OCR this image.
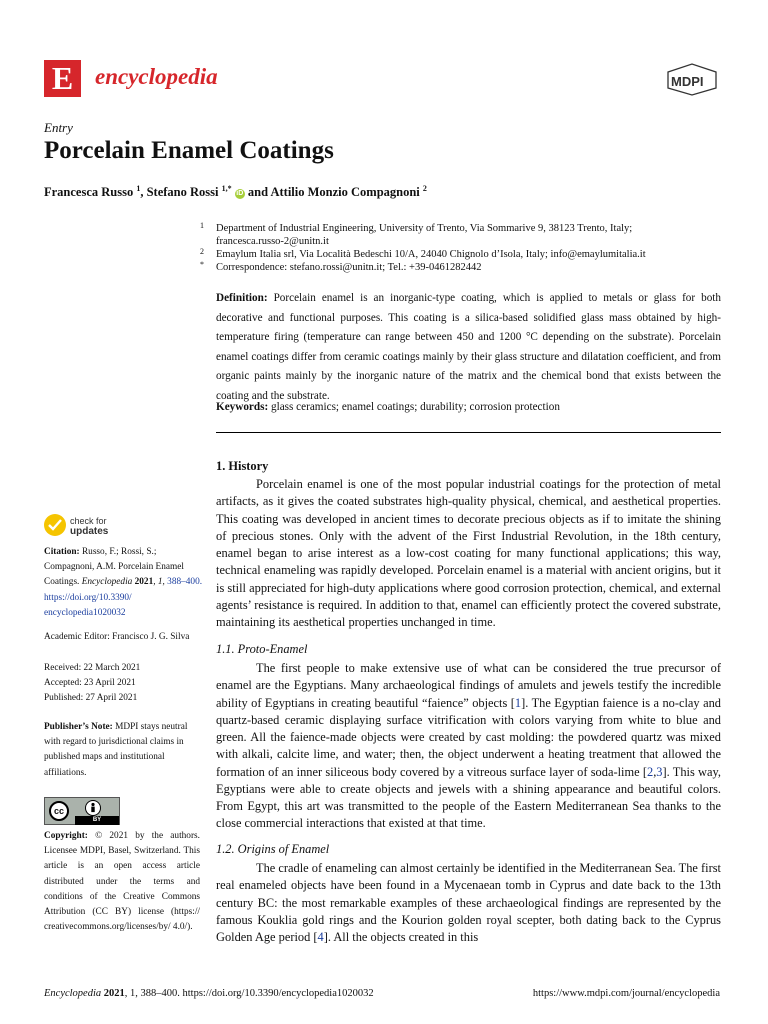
E encyclopedia	MDPI
Entry
Porcelain Enamel Coatings
Francesca Russo $^1$, Stefano Rossi $^{1,*}$ iD and Attilio Monzio Compagnoni $^2$
1 Department of Industrial Engineering, University of Trento, Via Sommarive 9, 38123 Trento, Italy;
francesca.russo-2@unitn.it
2 Emaylum Italia srl, Via Località Bedeschi 10/A, 24040 Chignolo d’Isola, Italy; info@emaylumitalia.it
* Correspondence: stefano.rossi@unitn.it; Tel.: +39-0461282442
Definition: Porcelain enamel is an inorganic-type coating, which is applied to metals or glass for both decorative and functional purposes. This coating is a silica-based solidified glass mass obtained by high-temperature firing (temperature can range between 450 and 1200 °C depending on the substrate). Porcelain enamel coatings differ from ceramic coatings mainly by their glass structure and dilatation coefficient, and from organic paints mainly by the inorganic nature of the matrix and the chemical bond that exists between the coating and the substrate.
Keywords: glass ceramics; enamel coatings; durability; corrosion protection
1. History
Porcelain enamel is one of the most popular industrial coatings for the protection of metal artifacts, as it gives the coated substrates high-quality physical, chemical, and aesthetical properties. This coating was developed in ancient times to decorate precious objects as if to imitate the shining of precious stones. Only with the advent of the First Industrial Revolution, in the 18th century, enamel began to arise interest as a low-cost coating for many functional applications; this way, technical enameling was rapidly developed. Porcelain enamel is a material with ancient origins, but it is still appreciated for high-duty applications where good corrosion protection, chemical, and external agents’ resistance is required. In addition to that, enamel can efficiently protect the covered substrate, maintaining its aesthetical properties unchanged in time.
1.1. Proto-Enamel
The first people to make extensive use of what can be considered the true precursor of enamel are the Egyptians. Many archaeological findings of amulets and jewels testify the incredible ability of Egyptians in creating beautiful “faience” objects [1]. The Egyptian faience is a no-clay and quartz-based ceramic displaying surface vitrification with colors varying from white to blue and green. All the faience-made objects were created by cast molding: the powdered quartz was mixed with alkali, calcite lime, and water; then, the object underwent a heating treatment that allowed the formation of an inner siliceous body covered by a vitreous surface layer of soda-lime [2,3]. This way, Egyptians were able to create objects and jewels with a shining appearance and beautiful colors. From Egypt, this art was transmitted to the people of the Eastern Mediterranean Sea thanks to the close commercial interactions that existed at that time.
1.2. Origins of Enamel
The cradle of enameling can almost certainly be identified in the Mediterranean Sea. The first real enameled objects have been found in a Mycenaean tomb in Cyprus and date back to the 13th century BC: the most remarkable examples of these archaeological findings are represented by the famous Kouklia gold rings and the Kourion golden royal scepter, both dating back to the Cyprus Golden Age period [4]. All the objects created in this
check for
updates
Citation: Russo, F.; Rossi, S.; Compagnoni, A.M. Porcelain Enamel Coatings. Encyclopedia 2021, 1, 388–400. https://doi.org/10.3390/ encyclopedia1020032
Academic Editor: Francisco J. G. Silva
Received: 22 March 2021
Accepted: 23 April 2021
Published: 27 April 2021
Publisher’s Note: MDPI stays neutral with regard to jurisdictional claims in published maps and institutional affiliations.
cc
BY
Copyright: © 2021 by the authors. Licensee MDPI, Basel, Switzerland. This article is an open access article distributed under the terms and conditions of the Creative Commons Attribution (CC BY) license (https:// creativecommons.org/licenses/by/ 4.0/).
Encyclopedia 2021, 1, 388–400. https://doi.org/10.3390/encyclopedia1020032	https://www.mdpi.com/journal/encyclopedia
